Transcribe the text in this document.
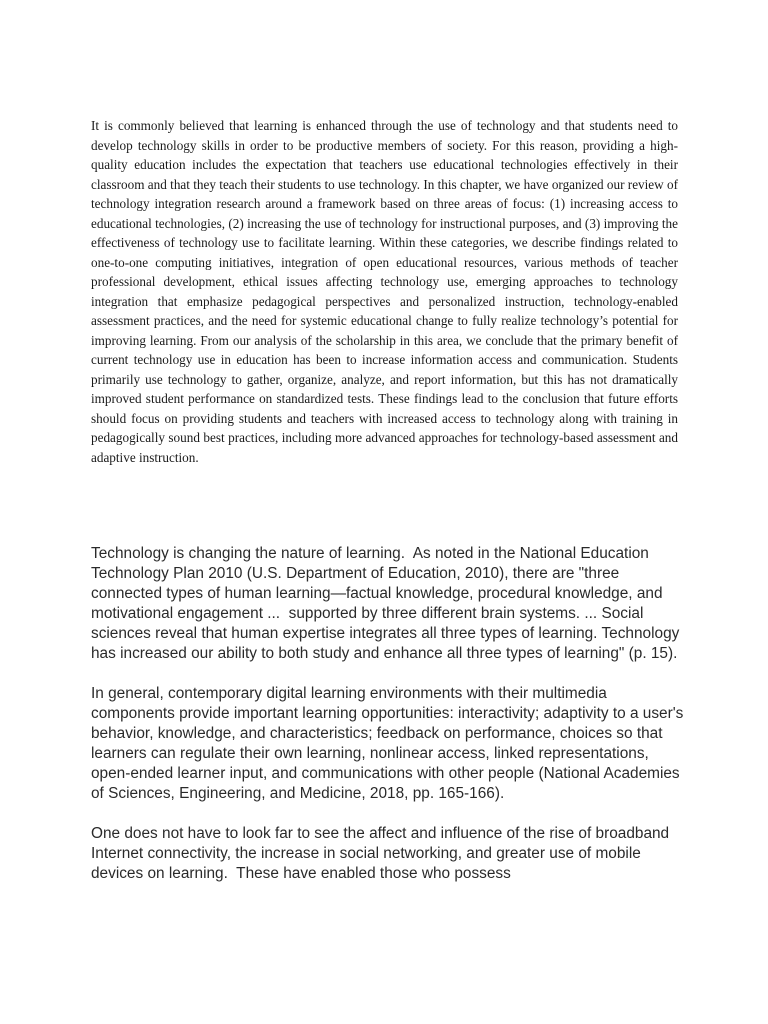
It is commonly believed that learning is enhanced through the use of technology and that students need to develop technology skills in order to be productive members of society. For this reason, providing a high-quality education includes the expectation that teachers use educational technologies effectively in their classroom and that they teach their students to use technology. In this chapter, we have organized our review of technology integration research around a framework based on three areas of focus: (1) increasing access to educational technologies, (2) increasing the use of technology for instructional purposes, and (3) improving the effectiveness of technology use to facilitate learning. Within these categories, we describe findings related to one-to-one computing initiatives, integration of open educational resources, various methods of teacher professional development, ethical issues affecting technology use, emerging approaches to technology integration that emphasize pedagogical perspectives and personalized instruction, technology-enabled assessment practices, and the need for systemic educational change to fully realize technology’s potential for improving learning. From our analysis of the scholarship in this area, we conclude that the primary benefit of current technology use in education has been to increase information access and communication. Students primarily use technology to gather, organize, analyze, and report information, but this has not dramatically improved student performance on standardized tests. These findings lead to the conclusion that future efforts should focus on providing students and teachers with increased access to technology along with training in pedagogically sound best practices, including more advanced approaches for technology-based assessment and adaptive instruction.

Technology is changing the nature of learning.  As noted in the National Education Technology Plan 2010 (U.S. Department of Education, 2010), there are "three connected types of human learning—factual knowledge, procedural knowledge, and motivational engagement ...  supported by three different brain systems. ... Social sciences reveal that human expertise integrates all three types of learning. Technology has increased our ability to both study and enhance all three types of learning" (p. 15).

In general, contemporary digital learning environments with their multimedia components provide important learning opportunities: interactivity; adaptivity to a user's behavior, knowledge, and characteristics; feedback on performance, choices so that learners can regulate their own learning, nonlinear access, linked representations, open-ended learner input, and communications with other people (National Academies of Sciences, Engineering, and Medicine, 2018, pp. 165-166).

One does not have to look far to see the affect and influence of the rise of broadband Internet connectivity, the increase in social networking, and greater use of mobile devices on learning.  These have enabled those who possess
